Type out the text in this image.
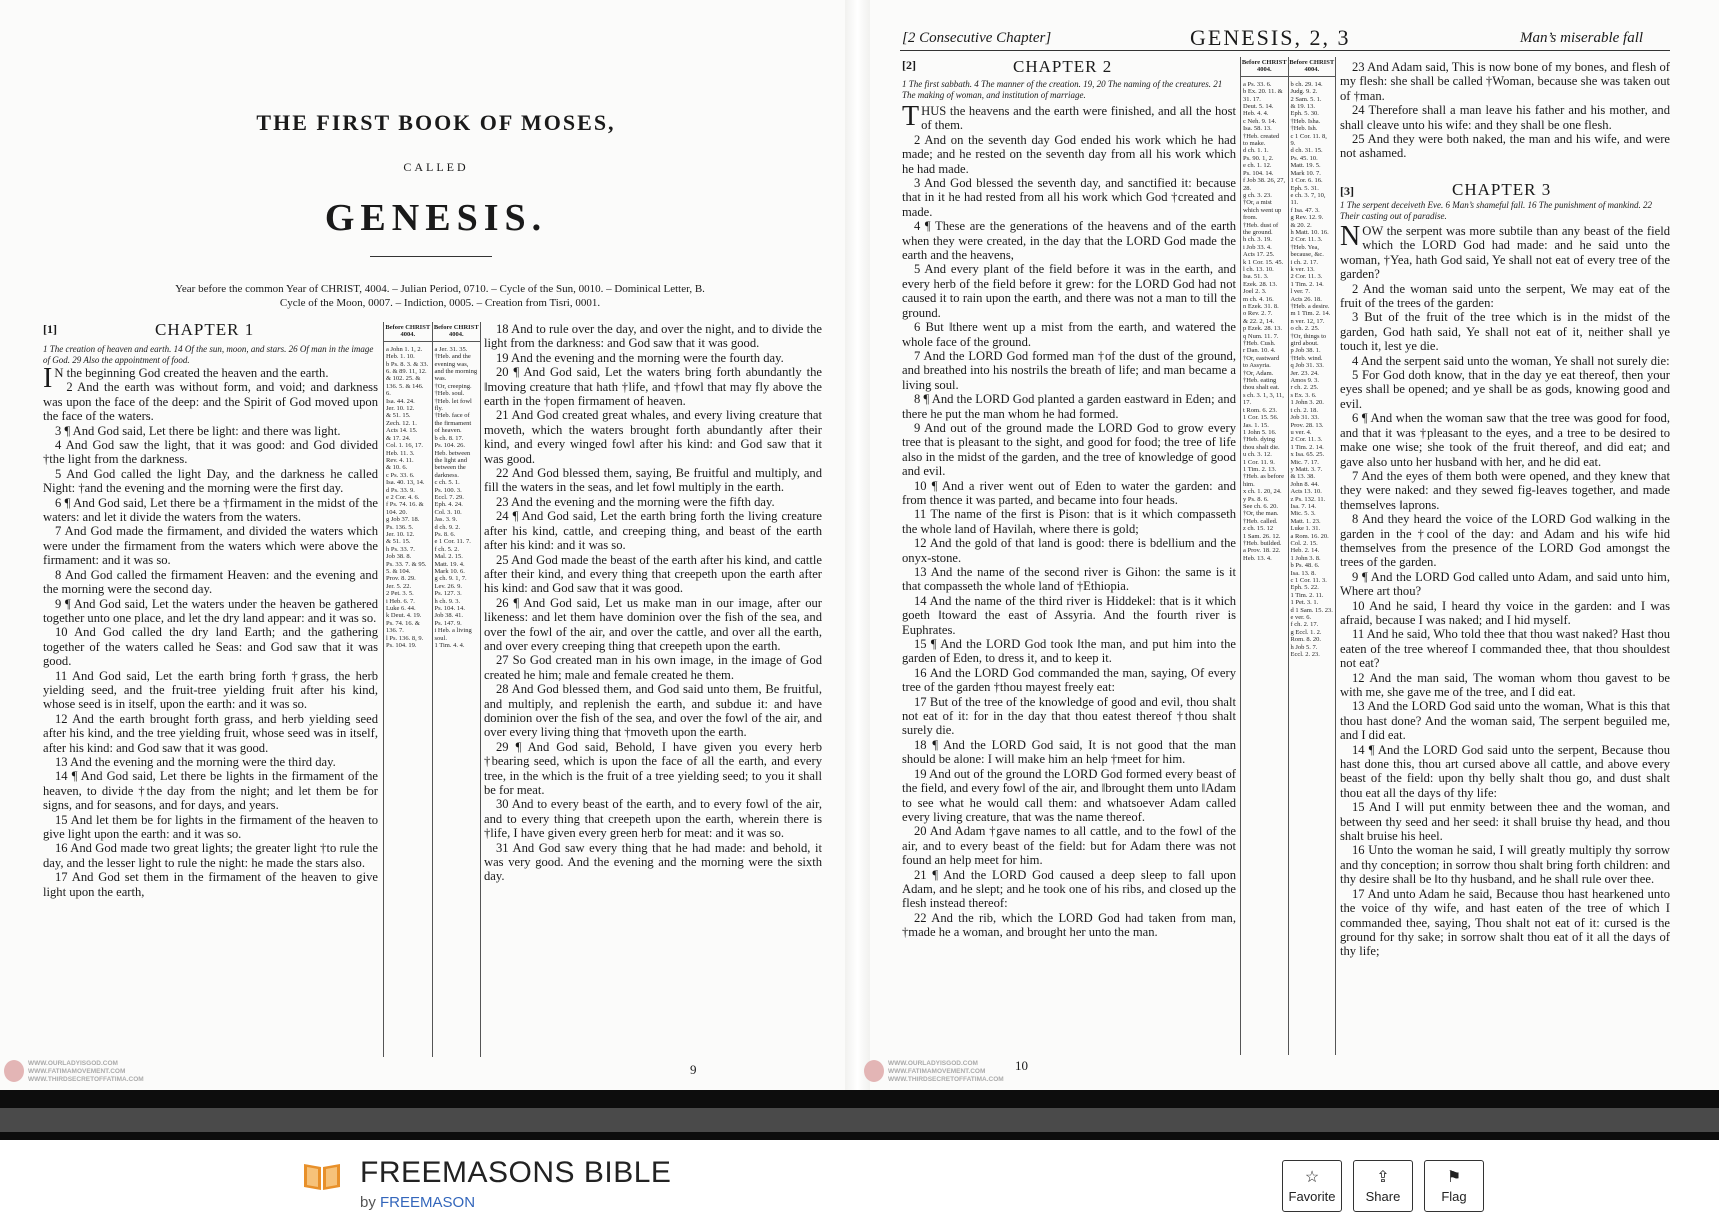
THE FIRST BOOK OF MOSES,
CALLED
GENESIS.
Year before the common Year of CHRIST, 4004. – Julian Period, 0710. – Cycle of the Sun, 0010. – Dominical Letter, B.
Cycle of the Moon, 0007. – Indiction, 0005. – Creation from Tisri, 0001.
[1]	CHAPTER 1
1 The creation of heaven and earth. 14 Of the sun, moon, and stars. 26 Of man in the image of God. 29 Also the appointment of food.

I N the beginning God created the heaven and the earth.

2 And the earth was without form, and void; and darkness was upon the face of the deep: and the Spirit of God moved upon the face of the waters.

3 ¶ And God said, Let there be light: and there was light.

4 And God saw the light, that it was good: and God divided †the light from the darkness.

5 And God called the light Day, and the darkness he called Night: †and the evening and the morning were the first day.

6 ¶ And God said, Let there be a †firmament in the midst of the waters: and let it divide the waters from the waters.

7 And God made the firmament, and divided the waters which were under the firmament from the waters which were above the firmament: and it was so.

8 And God called the firmament Heaven: and the evening and the morning were the second day.

9 ¶ And God said, Let the waters under the heaven be gathered together unto one place, and let the dry land appear: and it was so.

10 And God called the dry land Earth; and the gathering together of the waters called he Seas: and God saw that it was good.

11 And God said, Let the earth bring forth †grass, the herb yielding seed, and the fruit-tree yielding fruit after his kind, whose seed is in itself, upon the earth: and it was so.

12 And the earth brought forth grass, and herb yielding seed after his kind, and the tree yielding fruit, whose seed was in itself, after his kind: and God saw that it was good.

13 And the evening and the morning were the third day.

14 ¶ And God said, Let there be lights in the firmament of the heaven, to divide †the day from the night; and let them be for signs, and for seasons, and for days, and years.

15 And let them be for lights in the firmament of the heaven to give light upon the earth: and it was so.

16 And God made two great lights; the greater light †to rule the day, and the lesser light to rule the night: he made the stars also.

17 And God set them in the firmament of the heaven to give light upon the earth,

Before CHRIST 4004.

a John 1. 1, 2.

Heb. 1. 10.

b Ps. 8. 3. & 33. 6. & 89. 11, 12.

& 102. 25. & 136. 5. & 146. 6.

Isa. 44. 24.

Jer. 10. 12.

& 51. 15.

Zech. 12. 1.

Acts 14. 15.

& 17. 24.

Col. 1. 16, 17.

Heb. 11. 3.

Rev. 4. 11.

& 10. 6.

c Ps. 33. 6.

Isa. 40. 13, 14.

d Ps. 33. 9.

e 2 Cor. 4. 6.

f Ps. 74. 16. & 104. 20.

g Job 37. 18.

Ps. 136. 5.

Jer. 10. 12.

& 51. 15.

h Ps. 33. 7.

Job 38. 8.

Ps. 33. 7. & 95. 5. & 104.

Prov. 8. 29.

Jer. 5. 22.

2 Pet. 3. 5.

i Heb. 6. 7.

Luke 6. 44.

k Deut. 4. 19.

Ps. 74. 16. & 136. 7.

l Ps. 136. 8, 9.

Ps. 104. 19.

Before CHRIST 4004.

a Jer. 31. 35.

†Heb. and the evening was, and the morning was.

†Or, creeping.

†Heb. soul.

†Heb. let fowl fly.

†Heb. face of the firmament of heaven.

b ch. 8. 17.

Ps. 104. 26.

Heb. between the light and between the darkness.

c ch. 5. 1.

Ps. 100. 3.

Eccl. 7. 29.

Eph. 4. 24.

Col. 3. 10.

Jas. 3. 9.

d ch. 9. 2.

Ps. 8. 6.

e 1 Cor. 11. 7.

f ch. 5. 2.

Mal. 2. 15.

Matt. 19. 4.

Mark 10. 6.

g ch. 9. 1, 7.

Lev. 26. 9.

Ps. 127. 3.

h ch. 9. 3.

Ps. 104. 14.

Job 38. 41.

Ps. 147. 9.

i Heb. a living soul.

1 Tim. 4. 4.

18 And to rule over the day, and over the night, and to divide the light from the darkness: and God saw that it was good.

19 And the evening and the morning were the fourth day.

20 ¶ And God said, Let the waters bring forth abundantly the ‖moving creature that hath †life, and †fowl that may fly above the earth in the †open firmament of heaven.

21 And God created great whales, and every living creature that moveth, which the waters brought forth abundantly after their kind, and every winged fowl after his kind: and God saw that it was good.

22 And God blessed them, saying, Be fruitful and multiply, and fill the waters in the seas, and let fowl multiply in the earth.

23 And the evening and the morning were the fifth day.

24 ¶ And God said, Let the earth bring forth the living creature after his kind, cattle, and creeping thing, and beast of the earth after his kind: and it was so.

25 And God made the beast of the earth after his kind, and cattle after their kind, and every thing that creepeth upon the earth after his kind: and God saw that it was good.

26 ¶ And God said, Let us make man in our image, after our likeness: and let them have dominion over the fish of the sea, and over the fowl of the air, and over the cattle, and over all the earth, and over every creeping thing that creepeth upon the earth.

27 So God created man in his own image, in the image of God created he him; male and female created he them.

28 And God blessed them, and God said unto them, Be fruitful, and multiply, and replenish the earth, and subdue it: and have dominion over the fish of the sea, and over the fowl of the air, and over every living thing that †moveth upon the earth.

29 ¶ And God said, Behold, I have given you every herb †bearing seed, which is upon the face of all the earth, and every tree, in the which is the fruit of a tree yielding seed; to you it shall be for meat.

30 And to every beast of the earth, and to every fowl of the air, and to every thing that creepeth upon the earth, wherein there is †life, I have given every green herb for meat: and it was so.

31 And God saw every thing that he had made: and behold, it was very good. And the evening and the morning were the sixth day.

9
WWW.OURLADYISGOD.COM
WWW.FATIMAMOVEMENT.COM
WWW.THIRDSECRETOFFATIMA.COM
[2 Consecutive Chapter]	GENESIS, 2, 3	Man’s miserable fall
[2]	CHAPTER 2
1 The first sabbath. 4 The manner of the creation. 19, 20 The naming of the creatures. 21 The making of woman, and institution of marriage.

THUS the heavens and the earth were finished, and all the host of them.

2 And on the seventh day God ended his work which he had made; and he rested on the seventh day from all his work which he had made.

3 And God blessed the seventh day, and sanctified it: because that in it he had rested from all his work which God †created and made.

4 ¶ These are the generations of the heavens and of the earth when they were created, in the day that the LORD God made the earth and the heavens,

5 And every plant of the field before it was in the earth, and every herb of the field before it grew: for the LORD God had not caused it to rain upon the earth, and there was not a man to till the ground.

6 But ‖there went up a mist from the earth, and watered the whole face of the ground.

7 And the LORD God formed man †of the dust of the ground, and breathed into his nostrils the breath of life; and man became a living soul.

8 ¶ And the LORD God planted a garden eastward in Eden; and there he put the man whom he had formed.

9 And out of the ground made the LORD God to grow every tree that is pleasant to the sight, and good for food; the tree of life also in the midst of the garden, and the tree of knowledge of good and evil.

10 ¶ And a river went out of Eden to water the garden: and from thence it was parted, and became into four heads.

11 The name of the first is Pison: that is it which compasseth the whole land of Havilah, where there is gold;

12 And the gold of that land is good: there is bdellium and the onyx-stone.

13 And the name of the second river is Gihon: the same is it that compasseth the whole land of †Ethiopia.

14 And the name of the third river is Hiddekel: that is it which goeth ‖toward the east of Assyria. And the fourth river is Euphrates.

15 ¶ And the LORD God took ‖the man, and put him into the garden of Eden, to dress it, and to keep it.

16 And the LORD God commanded the man, saying, Of every tree of the garden †thou mayest freely eat:

17 But of the tree of the knowledge of good and evil, thou shalt not eat of it: for in the day that thou eatest thereof †thou shalt surely die.

18 ¶ And the LORD God said, It is not good that the man should be alone: I will make him an help †meet for him.

19 And out of the ground the LORD God formed every beast of the field, and every fowl of the air, and ‖brought them unto ‖Adam to see what he would call them: and whatsoever Adam called every living creature, that was the name thereof.

20 And Adam †gave names to all cattle, and to the fowl of the air, and to every beast of the field: but for Adam there was not found an help meet for him.

21 ¶ And the LORD God caused a deep sleep to fall upon Adam, and he slept; and he took one of his ribs, and closed up the flesh instead thereof:

22 And the rib, which the LORD God had taken from man, †made he a woman, and brought her unto the man.

Before CHRIST 4004.

a Ps. 33. 6.

b Ex. 20. 11. & 31. 17.

Deut. 5. 14.

Heb. 4. 4.

c Neh. 9. 14.

Isa. 58. 13.

†Heb. created to make.

d ch. 1. 1.

Ps. 90. 1, 2.

e ch. 1. 12.

Ps. 104. 14.

f Job 38. 26, 27, 28.

g ch. 3. 23.

†Or, a mist which went up from.

†Heb. dust of the ground.

h ch. 3. 19.

i Job 33. 4.

Acts 17. 25.

k 1 Cor. 15. 45.

l ch. 13. 10.

Isa. 51. 3.

Ezek. 28. 13.

Joel 2. 3.

m ch. 4. 16.

n Ezek. 31. 8.

o Rev. 2. 7.

& 22. 2, 14.

p Ezek. 28. 13.

q Num. 11. 7.

†Heb. Cush.

r Dan. 10. 4.

†Or, eastward to Assyria.

†Or, Adam.

†Heb. eating thou shalt eat.

s ch. 3. 1, 3, 11, 17.

t Rom. 6. 23.

1 Cor. 15. 56.

Jas. 1. 15.

1 John 5. 16.

†Heb. dying thou shalt die.

u ch. 3. 12.

1 Cor. 11. 9.

1 Tim. 2. 13.

†Heb. as before him.

x ch. 1. 20, 24.

y Ps. 8. 6.

See ch. 6. 20.

†Or, the man.

†Heb. called.

z ch. 15. 12

1 Sam. 26. 12.

†Heb. builded.

a Prov. 18. 22.

Heb. 13. 4.

Before CHRIST 4004.

b ch. 29. 14.

Judg. 9. 2.

2 Sam. 5. 1.

& 19. 13.

Eph. 5. 30.

†Heb. Isha.

†Heb. Ish.

c 1 Cor. 11. 8, 9.

d ch. 31. 15.

Ps. 45. 10.

Matt. 19. 5.

Mark 10. 7.

1 Cor. 6. 16.

Eph. 5. 31.

e ch. 3. 7, 10, 11.

f Isa. 47. 3.

g Rev. 12. 9.

& 20. 2.

h Matt. 10. 16.

2 Cor. 11. 3.

†Heb. Yea, because, &c.

i ch. 2. 17.

k ver. 13.

2 Cor. 11. 3.

1 Tim. 2. 14.

l ver. 7.

Acts 26. 18.

†Heb. a desire.

m 1 Tim. 2. 14.

n ver. 12, 17.

o ch. 2. 25.

†Or, things to gird about.

p Job 38. 1.

†Heb. wind.

q Job 31. 33.

Jer. 23. 24.

Amos 9. 3.

r ch. 2. 25.

s Ex. 3. 6.

1 John 3. 20.

t ch. 2. 18.

Job 31. 33.

Prov. 28. 13.

u ver. 4.

2 Cor. 11. 3.

1 Tim. 2. 14.

x Isa. 65. 25.

Mic. 7. 17.

y Matt. 3. 7.

& 13. 38.

John 8. 44.

Acts 13. 10.

z Ps. 132. 11.

Isa. 7. 14.

Mic. 5. 3.

Matt. 1. 23.

Luke 1. 31.

a Rom. 16. 20.

Col. 2. 15.

Heb. 2. 14.

1 John 3. 8.

b Ps. 48. 6.

Isa. 13. 8.

c 1 Cor. 11. 3.

Eph. 5. 22.

1 Tim. 2. 11.

1 Pet. 3. 1.

d 1 Sam. 15. 23.

e ver. 6.

f ch. 2. 17.

g Eccl. 1. 2.

Rom. 8. 20.

h Job 5. 7.

Eccl. 2. 23.

23 And Adam said, This is now bone of my bones, and flesh of my flesh: she shall be called †Woman, because she was taken out of †man.

24 Therefore shall a man leave his father and his mother, and shall cleave unto his wife: and they shall be one flesh.

25 And they were both naked, the man and his wife, and were not ashamed.

[3]	CHAPTER 3
1 The serpent deceiveth Eve. 6 Man’s shameful fall. 16 The punishment of mankind. 22 Their casting out of paradise.

NOW the serpent was more subtile than any beast of the field which the LORD God had made: and he said unto the woman, †Yea, hath God said, Ye shall not eat of every tree of the garden?

2 And the woman said unto the serpent, We may eat of the fruit of the trees of the garden:

3 But of the fruit of the tree which is in the midst of the garden, God hath said, Ye shall not eat of it, neither shall ye touch it, lest ye die.

4 And the serpent said unto the woman, Ye shall not surely die:

5 For God doth know, that in the day ye eat thereof, then your eyes shall be opened; and ye shall be as gods, knowing good and evil.

6 ¶ And when the woman saw that the tree was good for food, and that it was †pleasant to the eyes, and a tree to be desired to make one wise; she took of the fruit thereof, and did eat; and gave also unto her husband with her, and he did eat.

7 And the eyes of them both were opened, and they knew that they were naked: and they sewed fig-leaves together, and made themselves ‖aprons.

8 And they heard the voice of the LORD God walking in the garden in the †cool of the day: and Adam and his wife hid themselves from the presence of the LORD God amongst the trees of the garden.

9 ¶ And the LORD God called unto Adam, and said unto him, Where art thou?

10 And he said, I heard thy voice in the garden: and I was afraid, because I was naked; and I hid myself.

11 And he said, Who told thee that thou wast naked? Hast thou eaten of the tree whereof I commanded thee, that thou shouldest not eat?

12 And the man said, The woman whom thou gavest to be with me, she gave me of the tree, and I did eat.

13 And the LORD God said unto the woman, What is this that thou hast done? And the woman said, The serpent beguiled me, and I did eat.

14 ¶ And the LORD God said unto the serpent, Because thou hast done this, thou art cursed above all cattle, and above every beast of the field: upon thy belly shalt thou go, and dust shalt thou eat all the days of thy life:

15 And I will put enmity between thee and the woman, and between thy seed and her seed: it shall bruise thy head, and thou shalt bruise his heel.

16 Unto the woman he said, I will greatly multiply thy sorrow and thy conception; in sorrow thou shalt bring forth children: and thy desire shall be ‖to thy husband, and he shall rule over thee.

17 And unto Adam he said, Because thou hast hearkened unto the voice of thy wife, and hast eaten of the tree of which I commanded thee, saying, Thou shalt not eat of it: cursed is the ground for thy sake; in sorrow shalt thou eat of it all the days of thy life;

10
WWW.OURLADYISGOD.COM
WWW.FATIMAMOVEMENT.COM
WWW.THIRDSECRETOFFATIMA.COM
FREEMASONS BIBLE
by FREEMASON
☆
Favorite
⇪
Share
⚑
Flag
